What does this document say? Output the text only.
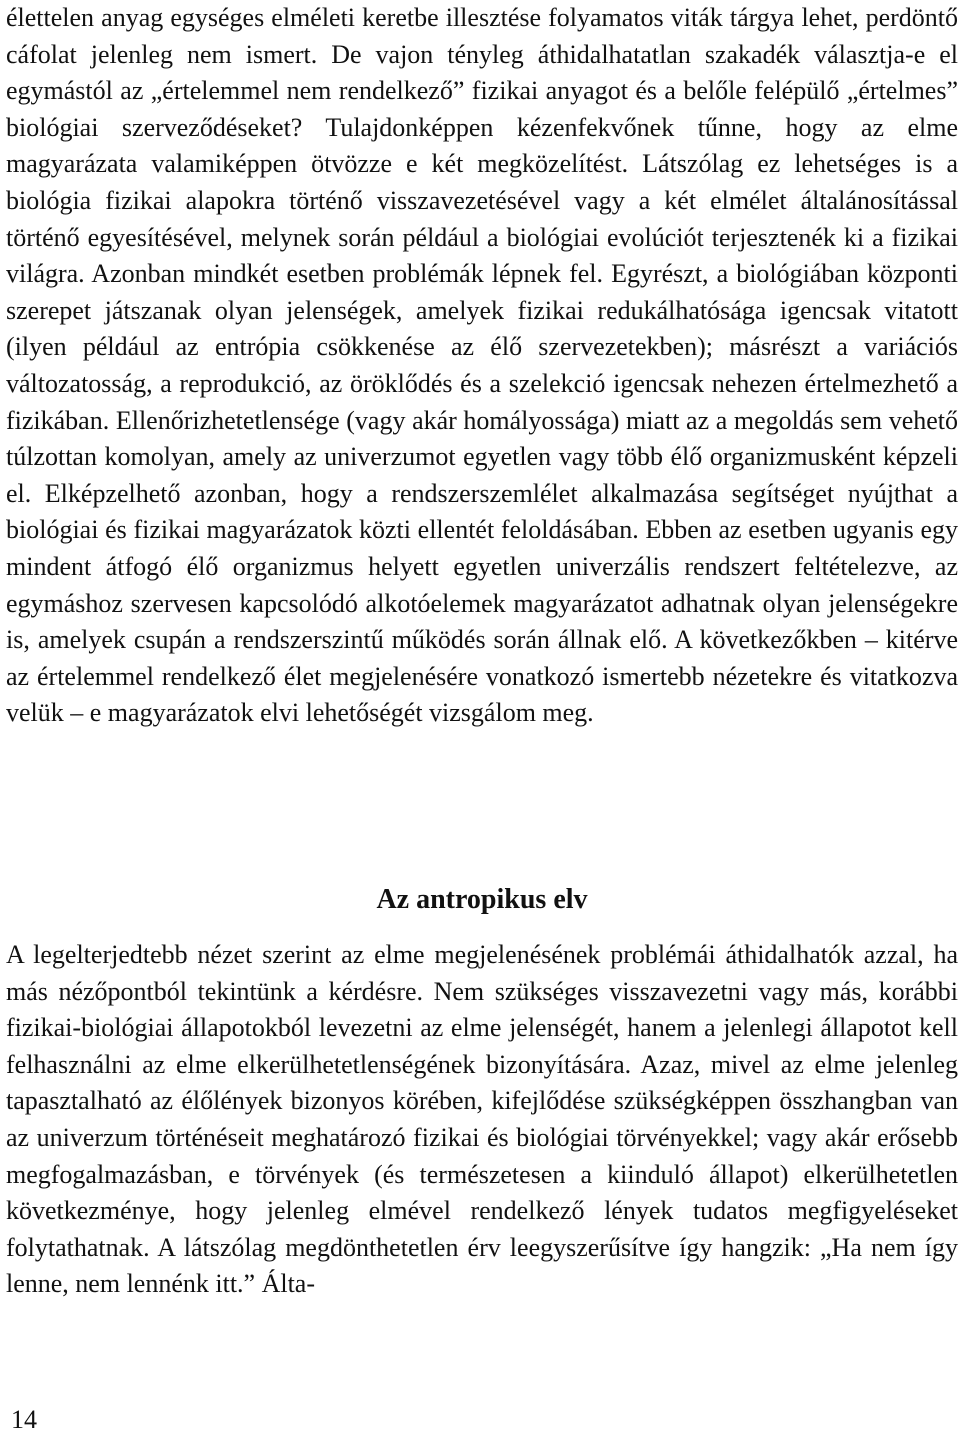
élettelen anyag egységes elméleti keretbe illesztése folyamatos viták tárgya lehet, perdöntő cáfolat jelenleg nem ismert. De vajon tényleg áthidalhatatlan szakadék választja-e el egymástól az „értelemmel nem rendelkező” fizikai anyagot és a belőle felépülő „értelmes” biológiai szerveződéseket? Tulajdonképpen kézenfekvőnek tűnne, hogy az elme magyarázata valamiképpen ötvözze e két megközelítést. Látszólag ez lehetséges is a biológia fizikai alapokra történő visszavezetésével vagy a két elmélet általánosítással történő egyesítésével, melynek során például a biológiai evolúciót terjesztenék ki a fizikai világra. Azonban mindkét esetben problémák lépnek fel. Egyrészt, a biológiában központi szerepet játszanak olyan jelenségek, amelyek fizikai redukálhatósága igencsak vitatott (ilyen például az entrópia csökkenése az élő szervezetekben); másrészt a variációs változatosság, a reprodukció, az öröklődés és a szelekció igencsak nehezen értelmezhető a fizikában. Ellenőrizhetetlensége (vagy akár homályossága) miatt az a megoldás sem vehető túlzottan komolyan, amely az univerzumot egyetlen vagy több élő organizmusként képzeli el. Elképzelhető azonban, hogy a rendszerszemlélet alkalmazása segítséget nyújthat a biológiai és fizikai magyarázatok közti ellentét feloldásában. Ebben az esetben ugyanis egy mindent átfogó élő organizmus helyett egyetlen univerzális rendszert feltételezve, az egymáshoz szervesen kapcsolódó alkotóelemek magyarázatot adhatnak olyan jelenségekre is, amelyek csupán a rendszerszintű működés során állnak elő. A következőkben – kitérve az értelemmel rendelkező élet megjelenésére vonatkozó ismertebb nézetekre és vitatkozva velük – e magyarázatok elvi lehetőségét vizsgálom meg.

Az antropikus elv

A legelterjedtebb nézet szerint az elme megjelenésének problémái áthidalhatók azzal, ha más nézőpontból tekintünk a kérdésre. Nem szükséges visszavezetni vagy más, korábbi fizikai-biológiai állapotokból levezetni az elme jelenségét, hanem a jelenlegi állapotot kell felhasználni az elme elkerülhetetlenségének bizonyítására. Azaz, mivel az elme jelenleg tapasztalható az élőlények bizonyos körében, kifejlődése szükségképpen összhangban van az univerzum történéseit meghatározó fizikai és biológiai törvényekkel; vagy akár erősebb megfogalmazásban, e törvények (és természetesen a kiinduló állapot) elkerülhetetlen következménye, hogy jelenleg elmével rendelkező lények tudatos megfigyeléseket folytathatnak. A látszólag megdönthetetlen érv leegyszerűsítve így hangzik: „Ha nem így lenne, nem lennénk itt.” Álta-

14
